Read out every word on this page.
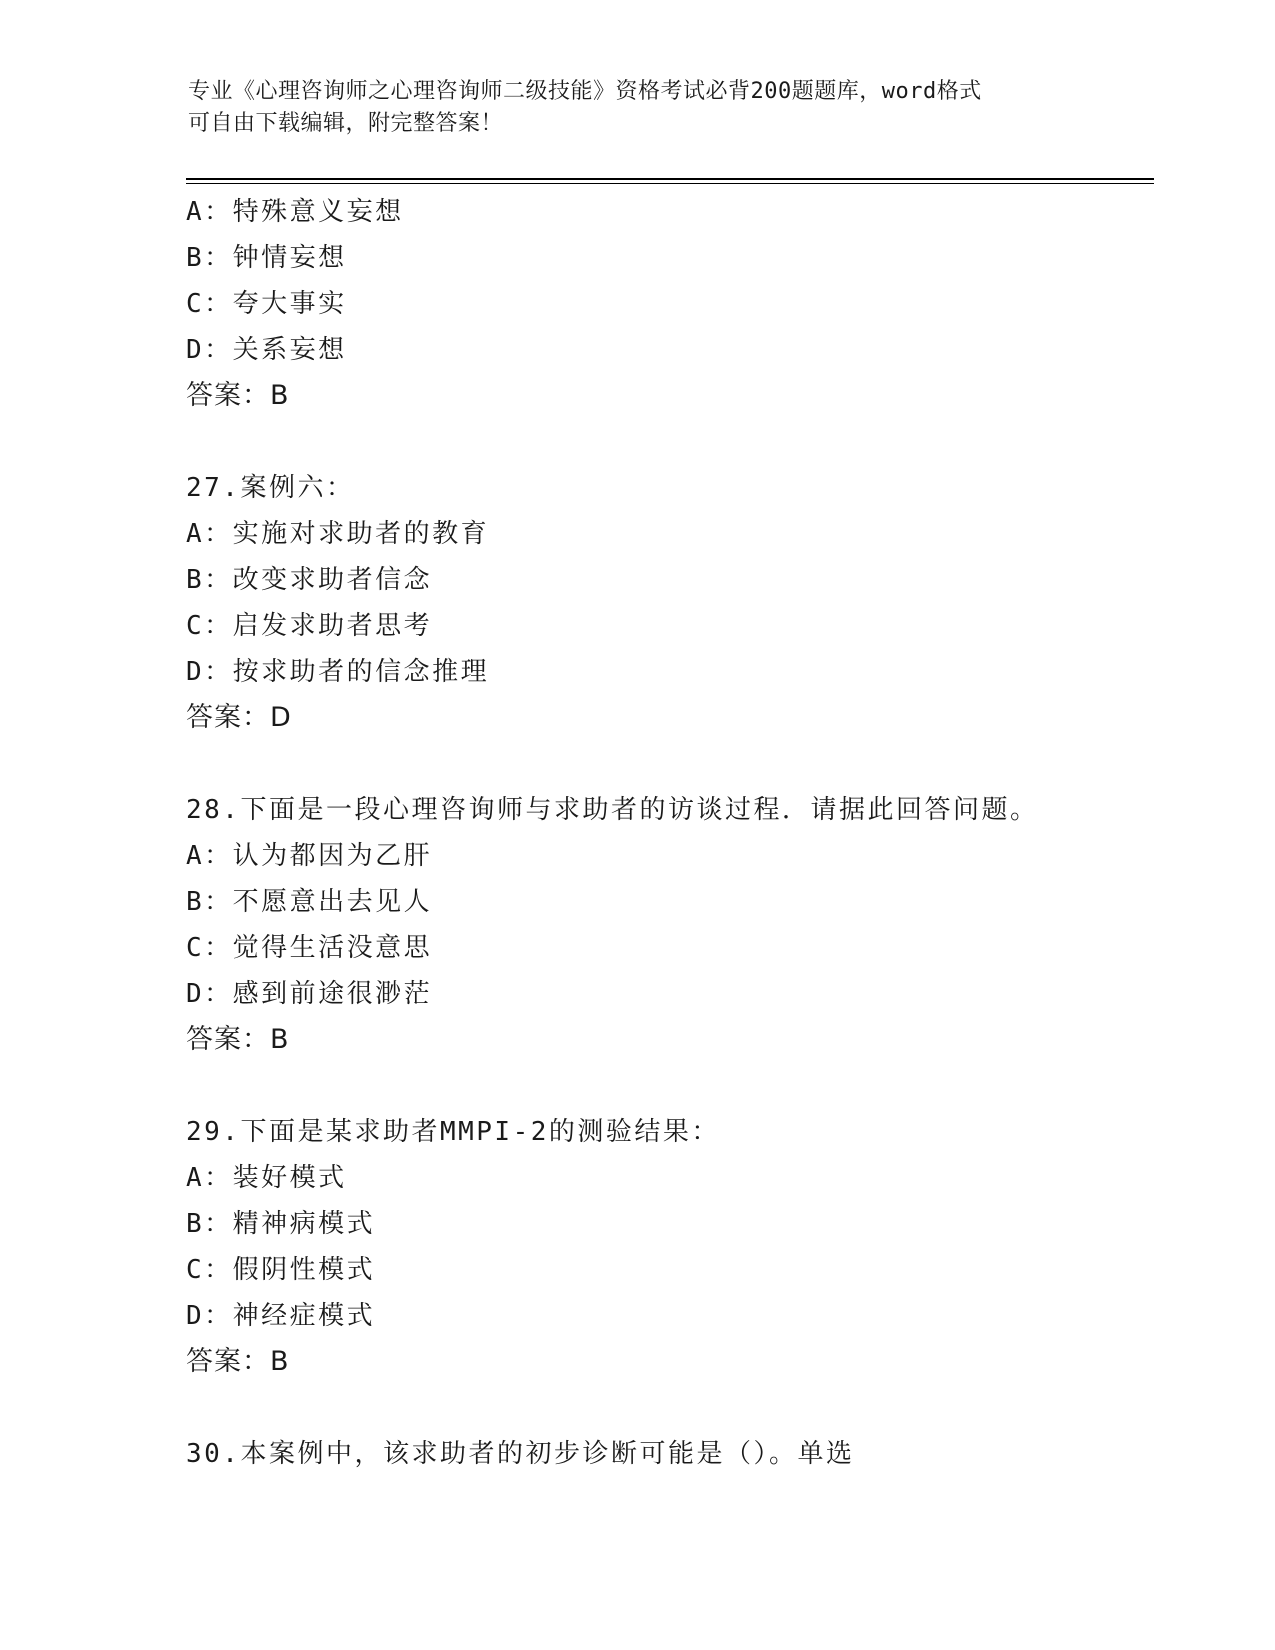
专业《心理咨询师之心理咨询师二级技能》资格考试必背200题题库，word格式
可自由下载编辑，附完整答案！
A：特殊意义妄想
B：钟情妄想
C：夸大事实
D：关系妄想
答案：B
27.案例六：
A：实施对求助者的教育
B：改变求助者信念
C：启发求助者思考
D：按求助者的信念推理
答案：D
28.下面是一段心理咨询师与求助者的访谈过程．请据此回答问题。
A：认为都因为乙肝
B：不愿意出去见人
C：觉得生活没意思
D：感到前途很渺茫
答案：B
29.下面是某求助者MMPI-2的测验结果：
A：装好模式
B：精神病模式
C：假阴性模式
D：神经症模式
答案：B
30.本案例中，该求助者的初步诊断可能是（）。单选
